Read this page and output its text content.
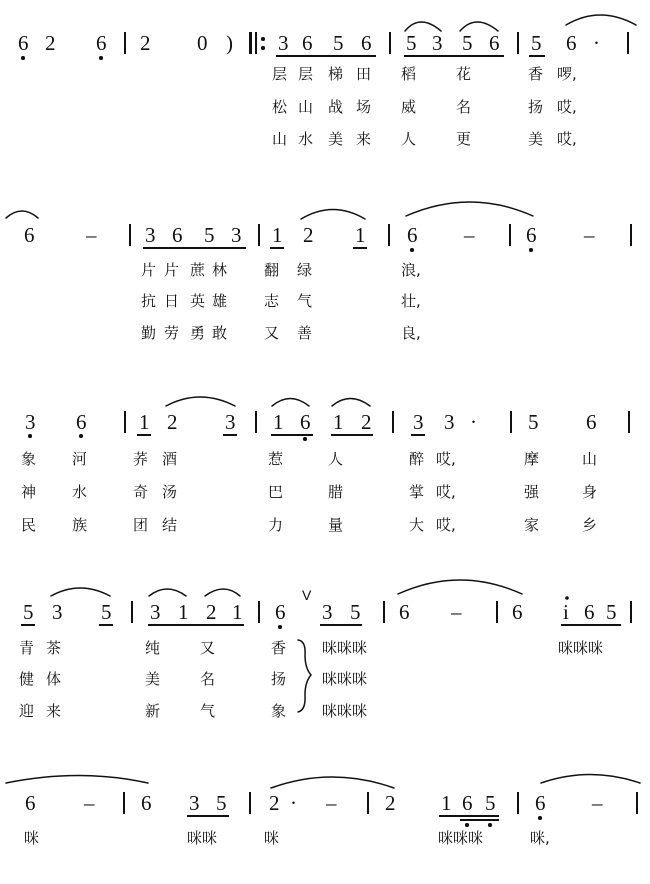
6 2 6 2 0 ) 3 6 5 6 5 3 5 6 5 6 ·
层 层 梯 田 稻	花	香 啰,
松 山 战 场 威	名	扬 哎,
山 水 美 来 人	更	美 哎,
6 – 3 6 5 3 1 2 1 6 – 6 –
片 片 蔗 林 翻 绿	浪,
抗 日 英 雄 志 气	壮,
勤 劳 勇 敢 又 善	良,
3 6	1 2 3 1 6 1 2 3 3 · 5 6
象 河	荞 酒	惹	人	醉 哎,	摩	山
神 水	奇 汤	巴	腊	掌 哎,	强	身
民 族	团 结	力	量	大 哎,	家	乡
5 3 5 3 1 2 1 6
V
3 5 6 – 6 i 6 5
青 茶	纯	又	香
健 体	美	名	扬
迎 来	新	气	象
咪咪咪
咪咪咪
咪咪咪
咪咪咪
6 – 6 3 5 2 · – 2 1 6 5 6 –
咪	咪咪	咪	咪咪咪	咪,
